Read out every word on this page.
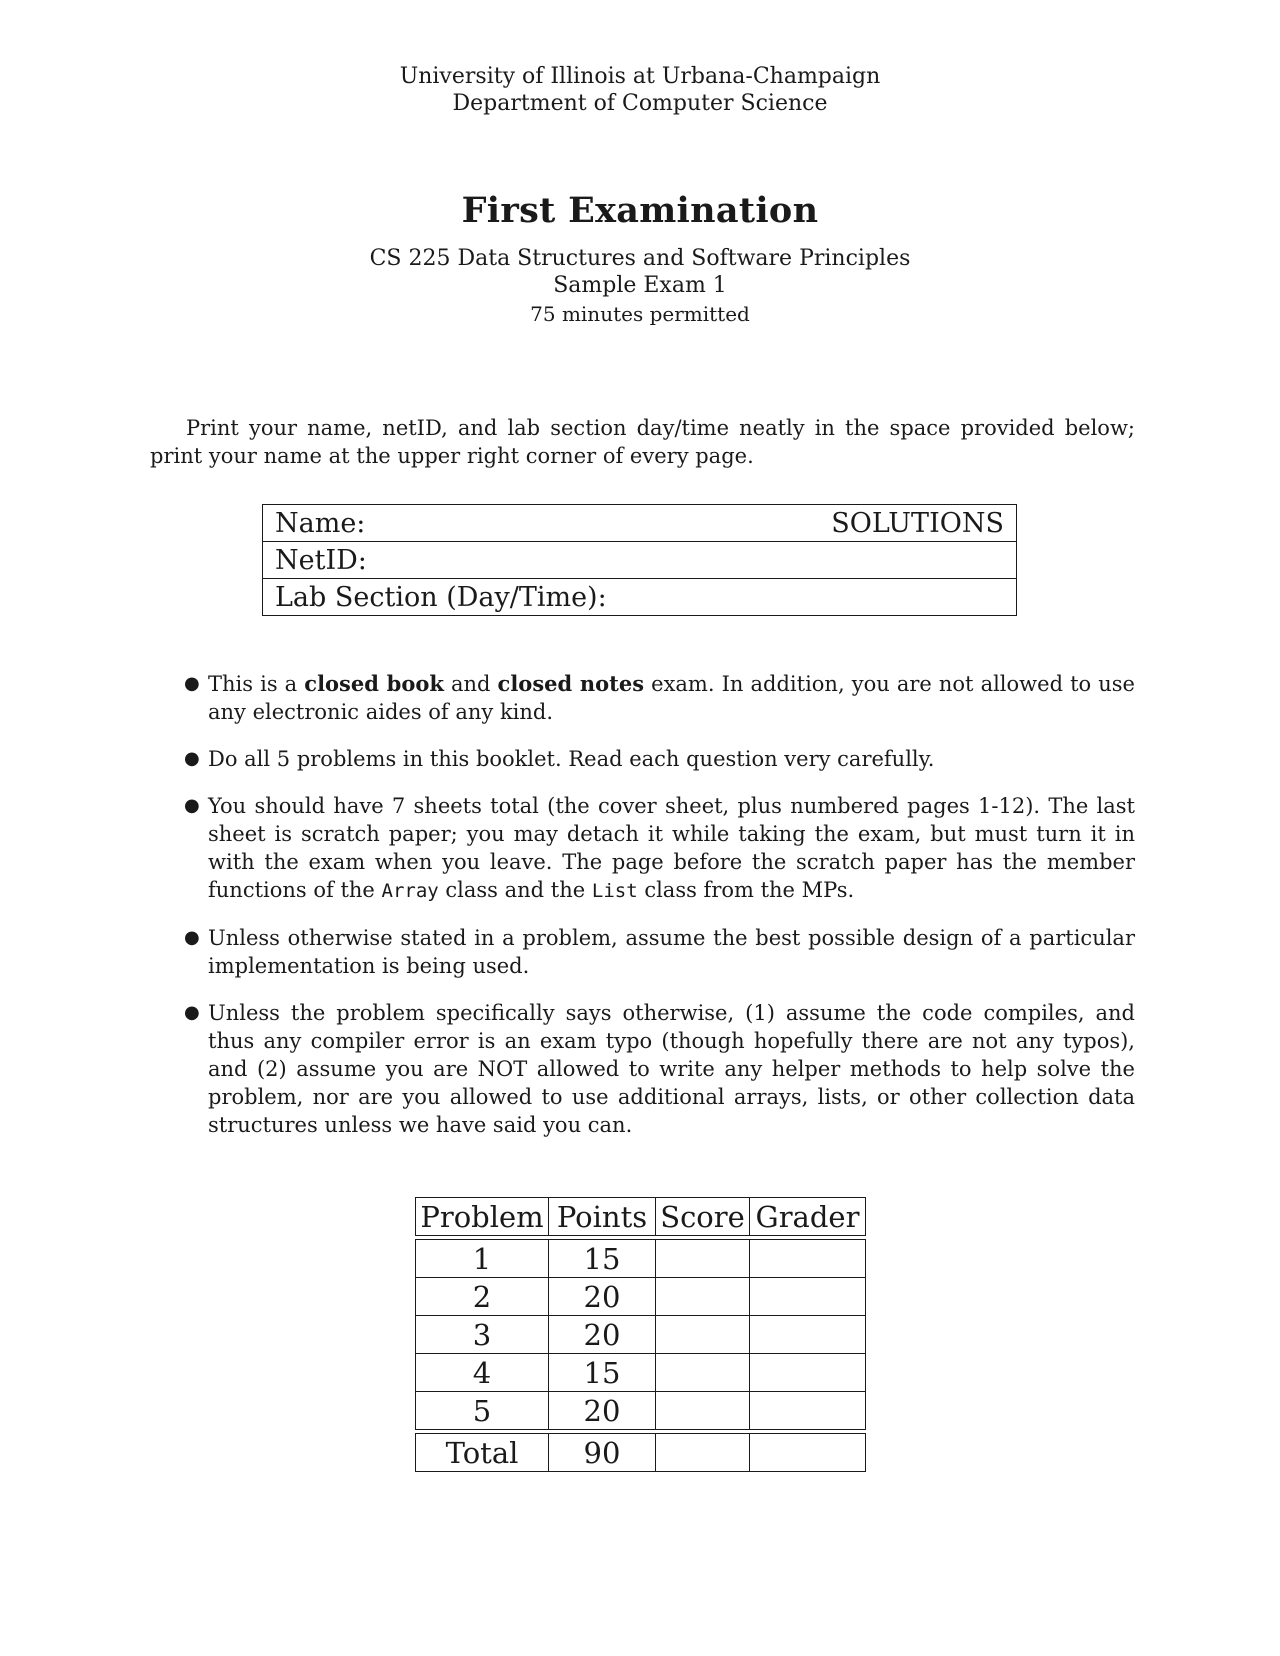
University of Illinois at Urbana-Champaign
Department of Computer Science
First Examination
CS 225 Data Structures and Software Principles
Sample Exam 1
75 minutes permitted
Print your name, netID, and lab section day/time neatly in the space provided below; print your name at the upper right corner of every page.
Name:	SOLUTIONS

NetID:
Lab Section (Day/Time):
● This is a closed book and closed notes exam. In addition, you are not allowed to use any electronic aides of any kind.
● Do all 5 problems in this booklet. Read each question very carefully.
● You should have 7 sheets total (the cover sheet, plus numbered pages 1-12). The last sheet is scratch paper; you may detach it while taking the exam, but must turn it in with the exam when you leave. The page before the scratch paper has the member functions of the Array class and the List class from the MPs.
● Unless otherwise stated in a problem, assume the best possible design of a particular implementation is being used.
● Unless the problem specifically says otherwise, (1) assume the code compiles, and thus any compiler error is an exam typo (though hopefully there are not any typos), and (2) assume you are NOT allowed to write any helper methods to help solve the problem, nor are you allowed to use additional arrays, lists, or other collection data structures unless we have said you can.
Problem	Points	Score	Grader

1	15		
2	20		
3	20		
4	15		
5	20		

Total	90		
